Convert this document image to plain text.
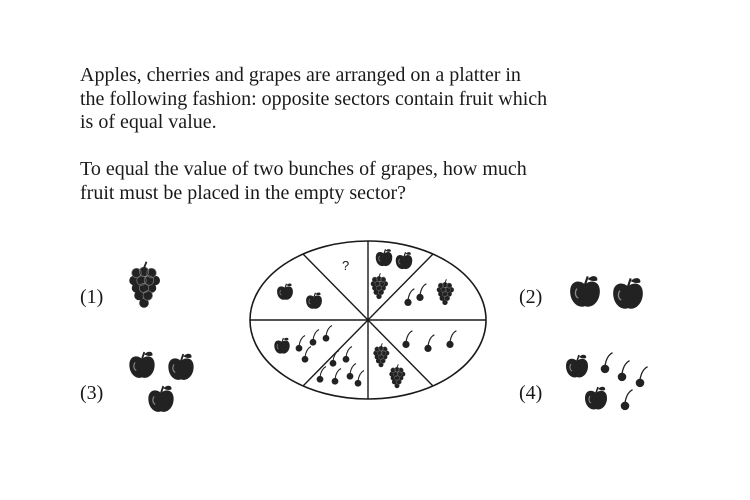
Apples, cherries and grapes are arranged on a platter in the following fashion: opposite sectors contain fruit which is of equal value.

To equal the value of two bunches of grapes, how much fruit must be placed in the empty sector?

?
(1)	(2)
(3)	(4)
